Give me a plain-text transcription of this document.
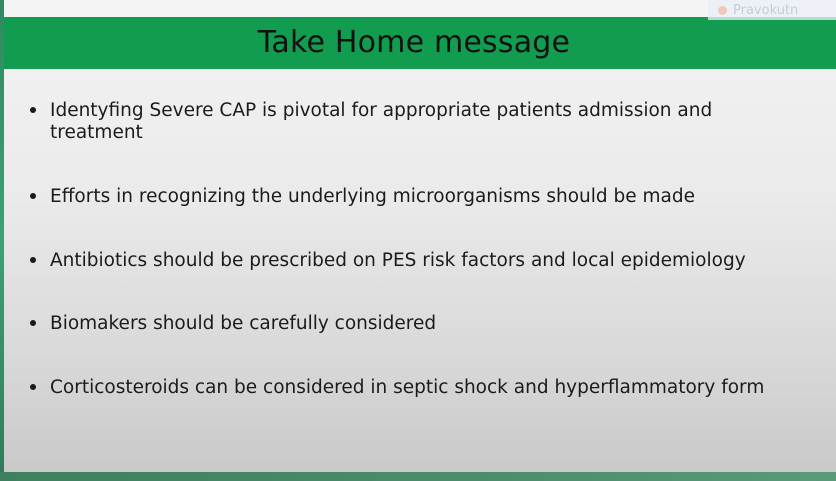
Take Home message
Identyfing Severe CAP is pivotal for appropriate patients admission and treatment
Efforts in recognizing the underlying microorganisms should be made
Antibiotics should be prescribed on PES risk factors and local epidemiology
Biomakers should be carefully considered
Corticosteroids can be considered in septic shock and hyperflammatory form
Pravokutn
